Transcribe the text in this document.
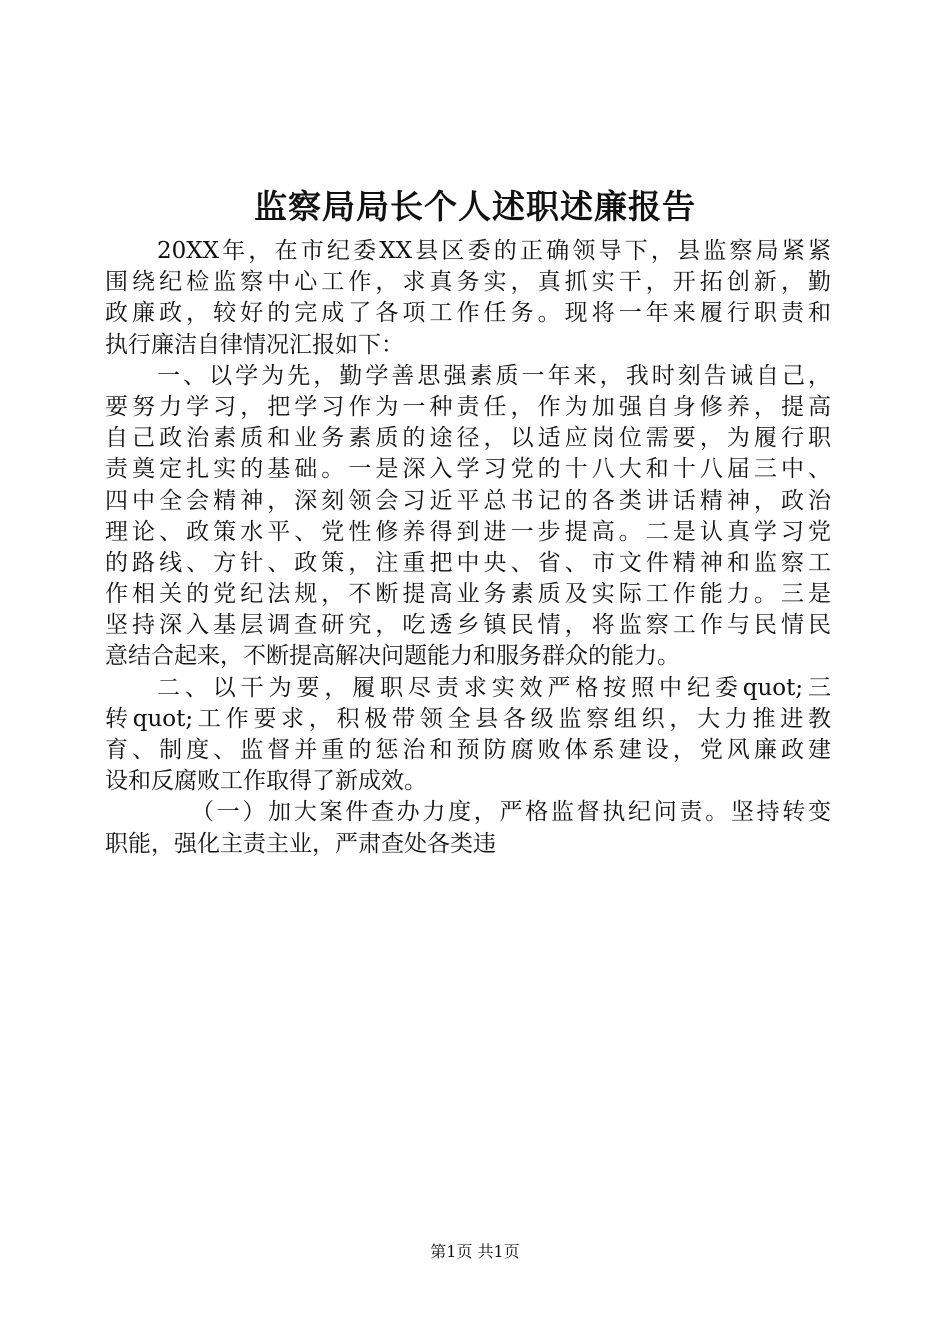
监察局局长个人述职述廉报告
20XX年，在市纪委XX县区委的正确领导下，县监察局紧紧
围绕纪检监察中心工作，求真务实，真抓实干，开拓创新，勤
政廉政，较好的完成了各项工作任务。现将一年来履行职责和
执行廉洁自律情况汇报如下：
一、以学为先，勤学善思强素质一年来，我时刻告诫自己，
要努力学习，把学习作为一种责任，作为加强自身修养，提高
自己政治素质和业务素质的途径，以适应岗位需要，为履行职
责奠定扎实的基础。一是深入学习党的十八大和十八届三中、
四中全会精神，深刻领会习近平总书记的各类讲话精神，政治
理论、政策水平、党性修养得到进一步提高。二是认真学习党
的路线、方针、政策，注重把中央、省、市文件精神和监察工
作相关的党纪法规，不断提高业务素质及实际工作能力。三是
坚持深入基层调查研究，吃透乡镇民情，将监察工作与民情民
意结合起来，不断提高解决问题能力和服务群众的能力。
二、以干为要，履职尽责求实效严格按照中纪委quot;三
转quot;工作要求，积极带领全县各级监察组织，大力推进教
育、制度、监督并重的惩治和预防腐败体系建设，党风廉政建
设和反腐败工作取得了新成效。
（一）加大案件查办力度，严格监督执纪问责。坚持转变
职能，强化主责主业，严肃查处各类违
第1页 共1页
